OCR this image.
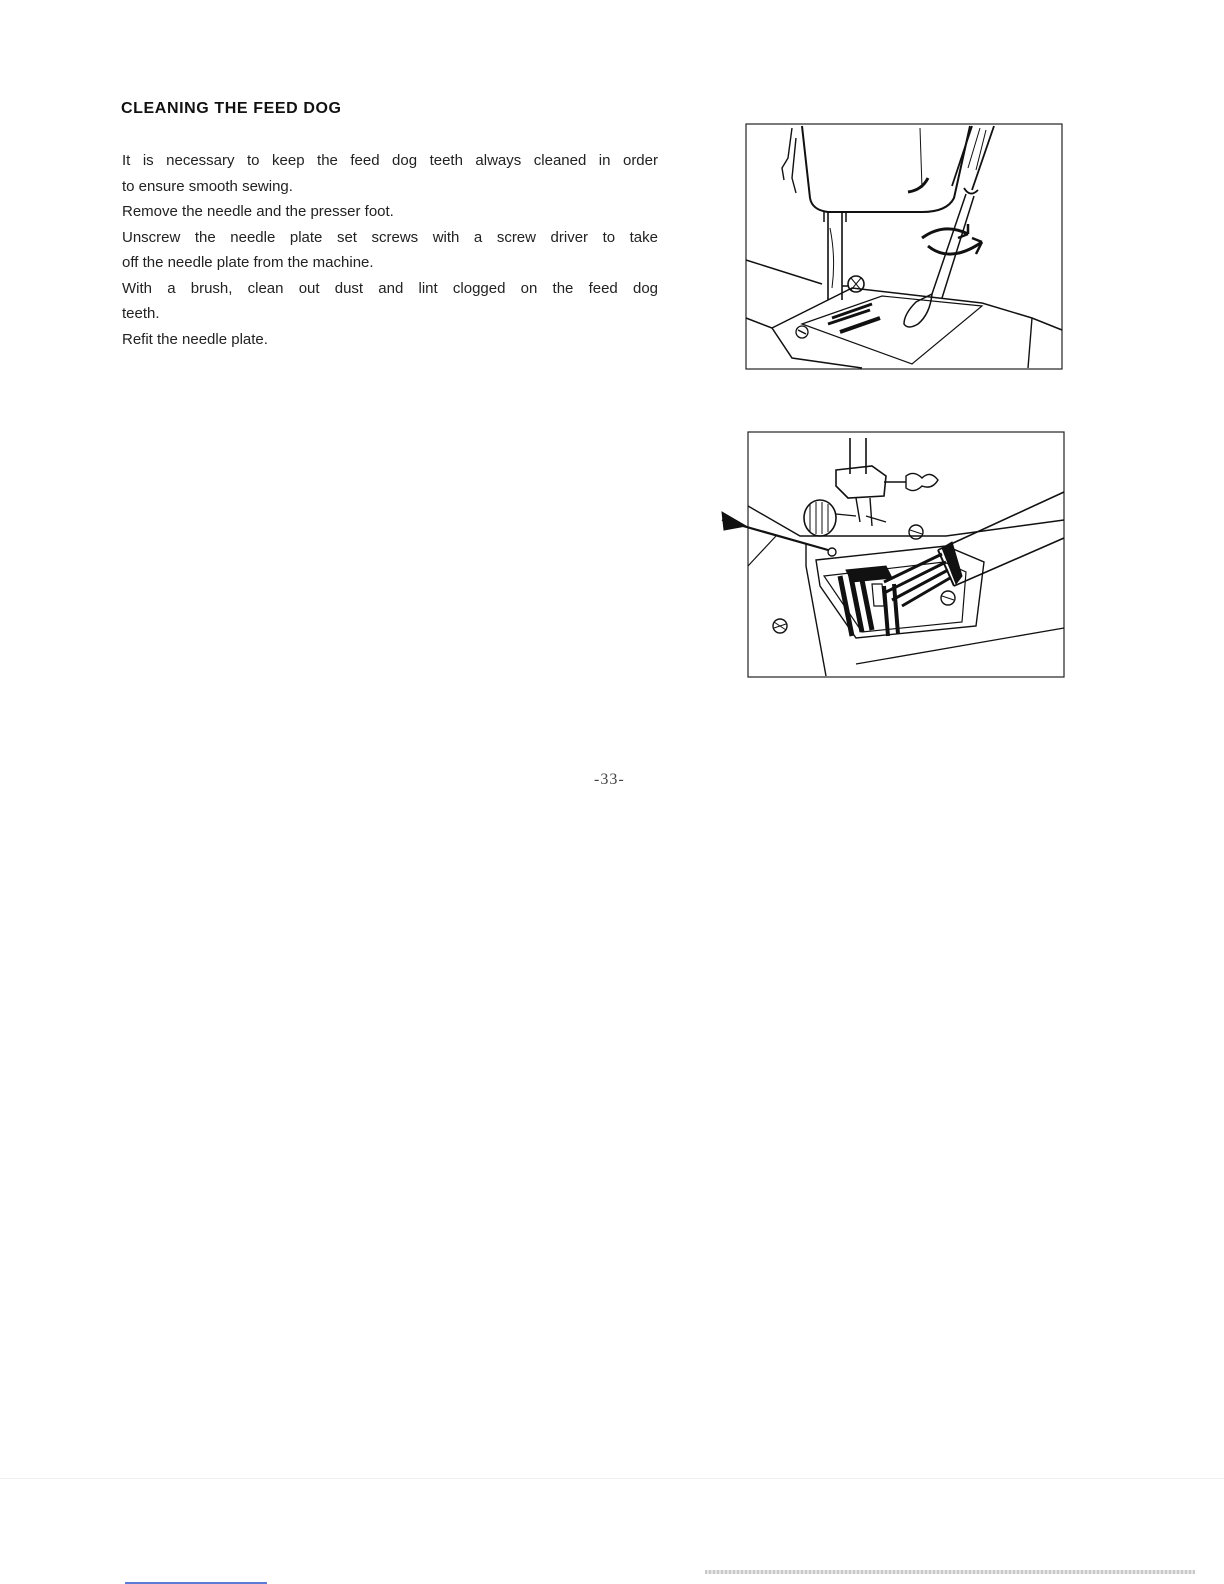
CLEANING THE FEED DOG

It is necessary to keep the feed dog teeth always cleaned in order

to ensure smooth sewing.

Remove the needle and the presser foot.

Unscrew the needle plate set screws with a screw driver to take

off the needle plate from the machine.

With a brush, clean out dust and lint clogged on the feed dog

teeth.

Refit the needle plate.

-33-
